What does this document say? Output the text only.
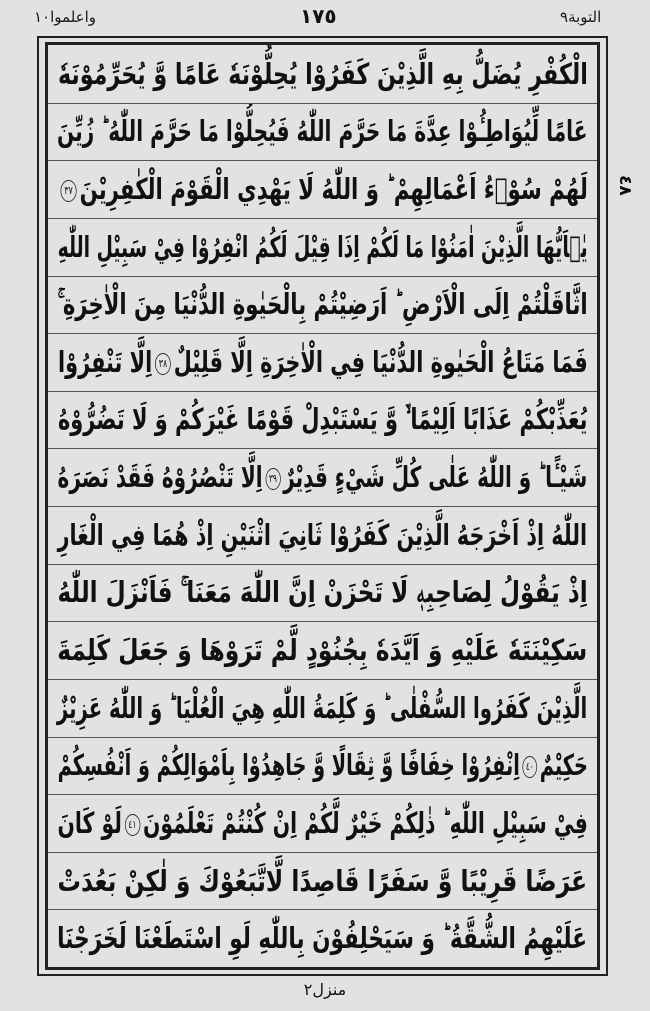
واعلموا١٠	١٧٥	التوبة٩
الْكُفْرِ يُضَلُّ بِهِ الَّذِيْنَ كَفَرُوْا يُحِلُّوْنَهٗ عَامًا وَّ يُحَرِّمُوْنَهٗ
عَامًا لِّيُوَاطِـُٔوْا عِدَّةَ مَا حَرَّمَ اللّٰهُ فَيُحِلُّوْا مَا حَرَّمَ اللّٰهُ ؕ زُيِّنَ
لَهُمْ سُوْۤءُ اَعْمَالِهِمْ ؕ وَ اللّٰهُ لَا يَهْدِي الْقَوْمَ الْكٰفِرِيْنَ٣٧
يٰۤاَيُّهَا الَّذِيْنَ اٰمَنُوْا مَا لَكُمْ اِذَا قِيْلَ لَكُمُ انْفِرُوْا فِيْ سَبِيْلِ اللّٰهِ
اثَّاقَلْتُمْ اِلَى الْاَرْضِ ؕ اَرَضِيْتُمْ بِالْحَيٰوةِ الدُّنْيَا مِنَ الْاٰخِرَةِ ۚ
فَمَا مَتَاعُ الْحَيٰوةِ الدُّنْيَا فِي الْاٰخِرَةِ اِلَّا قَلِيْلٌ٣٨اِلَّا تَنْفِرُوْا
يُعَذِّبْكُمْ عَذَابًا اَلِيْمًا ۙ۬ وَّ يَسْتَبْدِلْ قَوْمًا غَيْرَكُمْ وَ لَا تَضُرُّوْهُ
شَيْـًٔا ؕ وَ اللّٰهُ عَلٰى كُلِّ شَيْءٍ قَدِيْرٌ٣٩اِلَّا تَنْصُرُوْهُ فَقَدْ نَصَرَهُ
اللّٰهُ اِذْ اَخْرَجَهُ الَّذِيْنَ كَفَرُوْا ثَانِيَ اثْنَيْنِ اِذْ هُمَا فِي الْغَارِ
اِذْ يَقُوْلُ لِصَاحِبِهٖ لَا تَحْزَنْ اِنَّ اللّٰهَ مَعَنَا ۚ فَاَنْزَلَ اللّٰهُ
سَكِيْنَتَهٗ عَلَيْهِ وَ اَيَّدَهٗ بِجُنُوْدٍ لَّمْ تَرَوْهَا وَ جَعَلَ كَلِمَةَ
الَّذِيْنَ كَفَرُوا السُّفْلٰى ؕ وَ كَلِمَةُ اللّٰهِ هِيَ الْعُلْيَا ؕ وَ اللّٰهُ عَزِيْزٌ
حَكِيْمٌ٤٠اِنْفِرُوْا خِفَافًا وَّ ثِقَالًا وَّ جَاهِدُوْا بِاَمْوَالِكُمْ وَ اَنْفُسِكُمْ
فِيْ سَبِيْلِ اللّٰهِ ؕ ذٰلِكُمْ خَيْرٌ لَّكُمْ اِنْ كُنْتُمْ تَعْلَمُوْنَ٤١لَوْ كَانَ
عَرَضًا قَرِيْبًا وَّ سَفَرًا قَاصِدًا لَّاتَّبَعُوْكَ وَ لٰكِنْ بَعُدَتْ
عَلَيْهِمُ الشُّقَّةُ ؕ وَ سَيَحْلِفُوْنَ بِاللّٰهِ لَوِ اسْتَطَعْنَا لَخَرَجْنَا
٤٨
منزل٢
